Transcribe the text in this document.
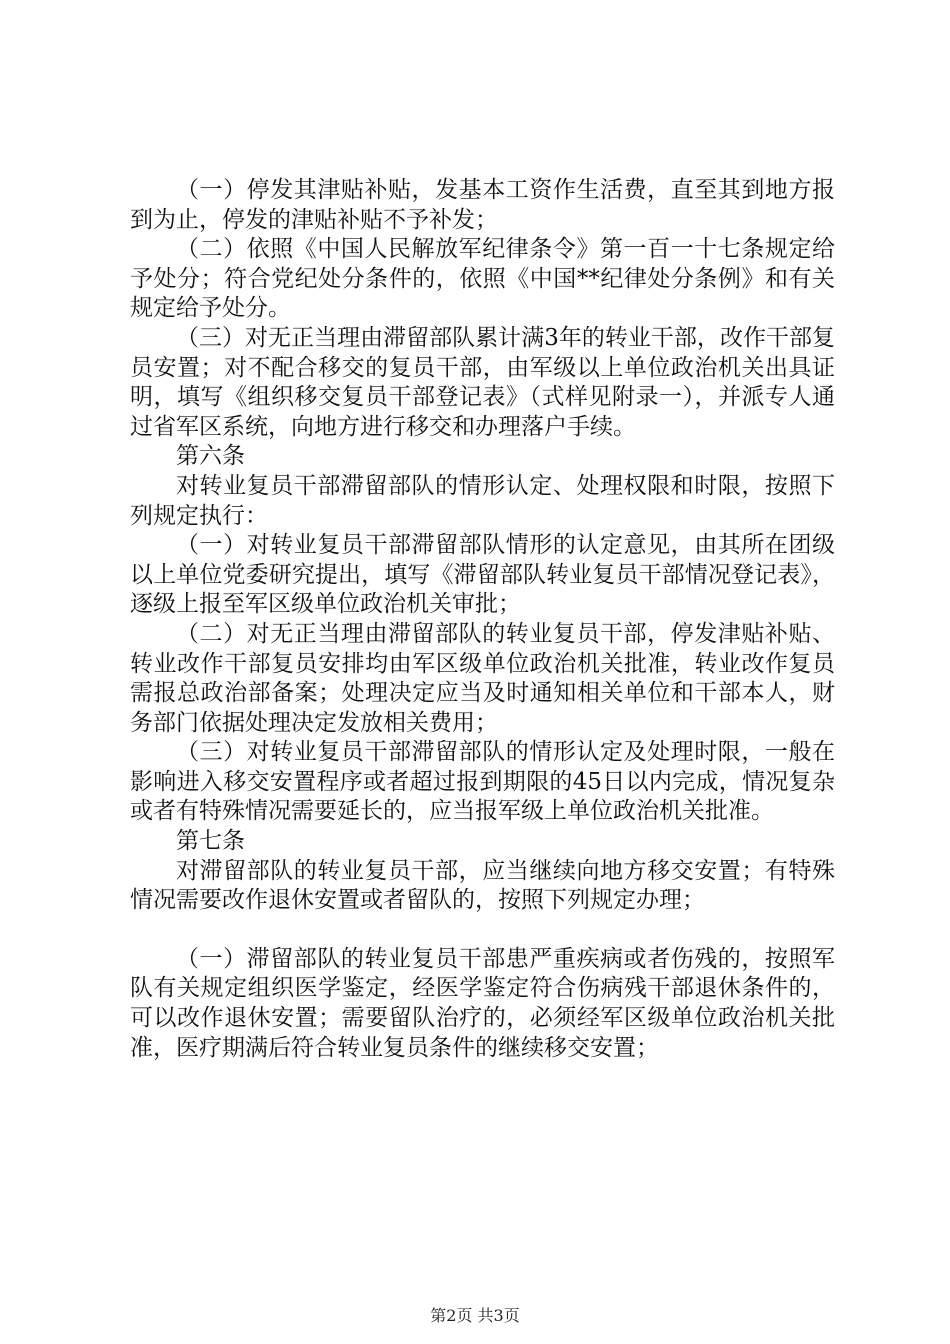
（一）停发其津贴补贴，发基本工资作生活费，直至其到地方报到为止，停发的津贴补贴不予补发；

（二）依照《中国人民解放军纪律条令》第一百一十七条规定给予处分；符合党纪处分条件的，依照《中国**纪律处分条例》和有关规定给予处分。

（三）对无正当理由滞留部队累计满3年的转业干部，改作干部复员安置；对不配合移交的复员干部，由军级以上单位政治机关出具证明，填写《组织移交复员干部登记表》（式样见附录一），并派专人通过省军区系统，向地方进行移交和办理落户手续。

第六条

对转业复员干部滞留部队的情形认定、处理权限和时限，按照下列规定执行：

（一）对转业复员干部滞留部队情形的认定意见，由其所在团级以上单位党委研究提出，填写《滞留部队转业复员干部情况登记表》，逐级上报至军区级单位政治机关审批；

（二）对无正当理由滞留部队的转业复员干部，停发津贴补贴、转业改作干部复员安排均由军区级单位政治机关批准，转业改作复员需报总政治部备案；处理决定应当及时通知相关单位和干部本人，财务部门依据处理决定发放相关费用；

（三）对转业复员干部滞留部队的情形认定及处理时限，一般在影响进入移交安置程序或者超过报到期限的45日以内完成，情况复杂或者有特殊情况需要延长的，应当报军级上单位政治机关批准。

第七条

对滞留部队的转业复员干部，应当继续向地方移交安置；有特殊情况需要改作退休安置或者留队的，按照下列规定办理；

（一）滞留部队的转业复员干部患严重疾病或者伤残的，按照军队有关规定组织医学鉴定，经医学鉴定符合伤病残干部退休条件的，可以改作退休安置；需要留队治疗的，必须经军区级单位政治机关批准，医疗期满后符合转业复员条件的继续移交安置；

第2页 共3页
